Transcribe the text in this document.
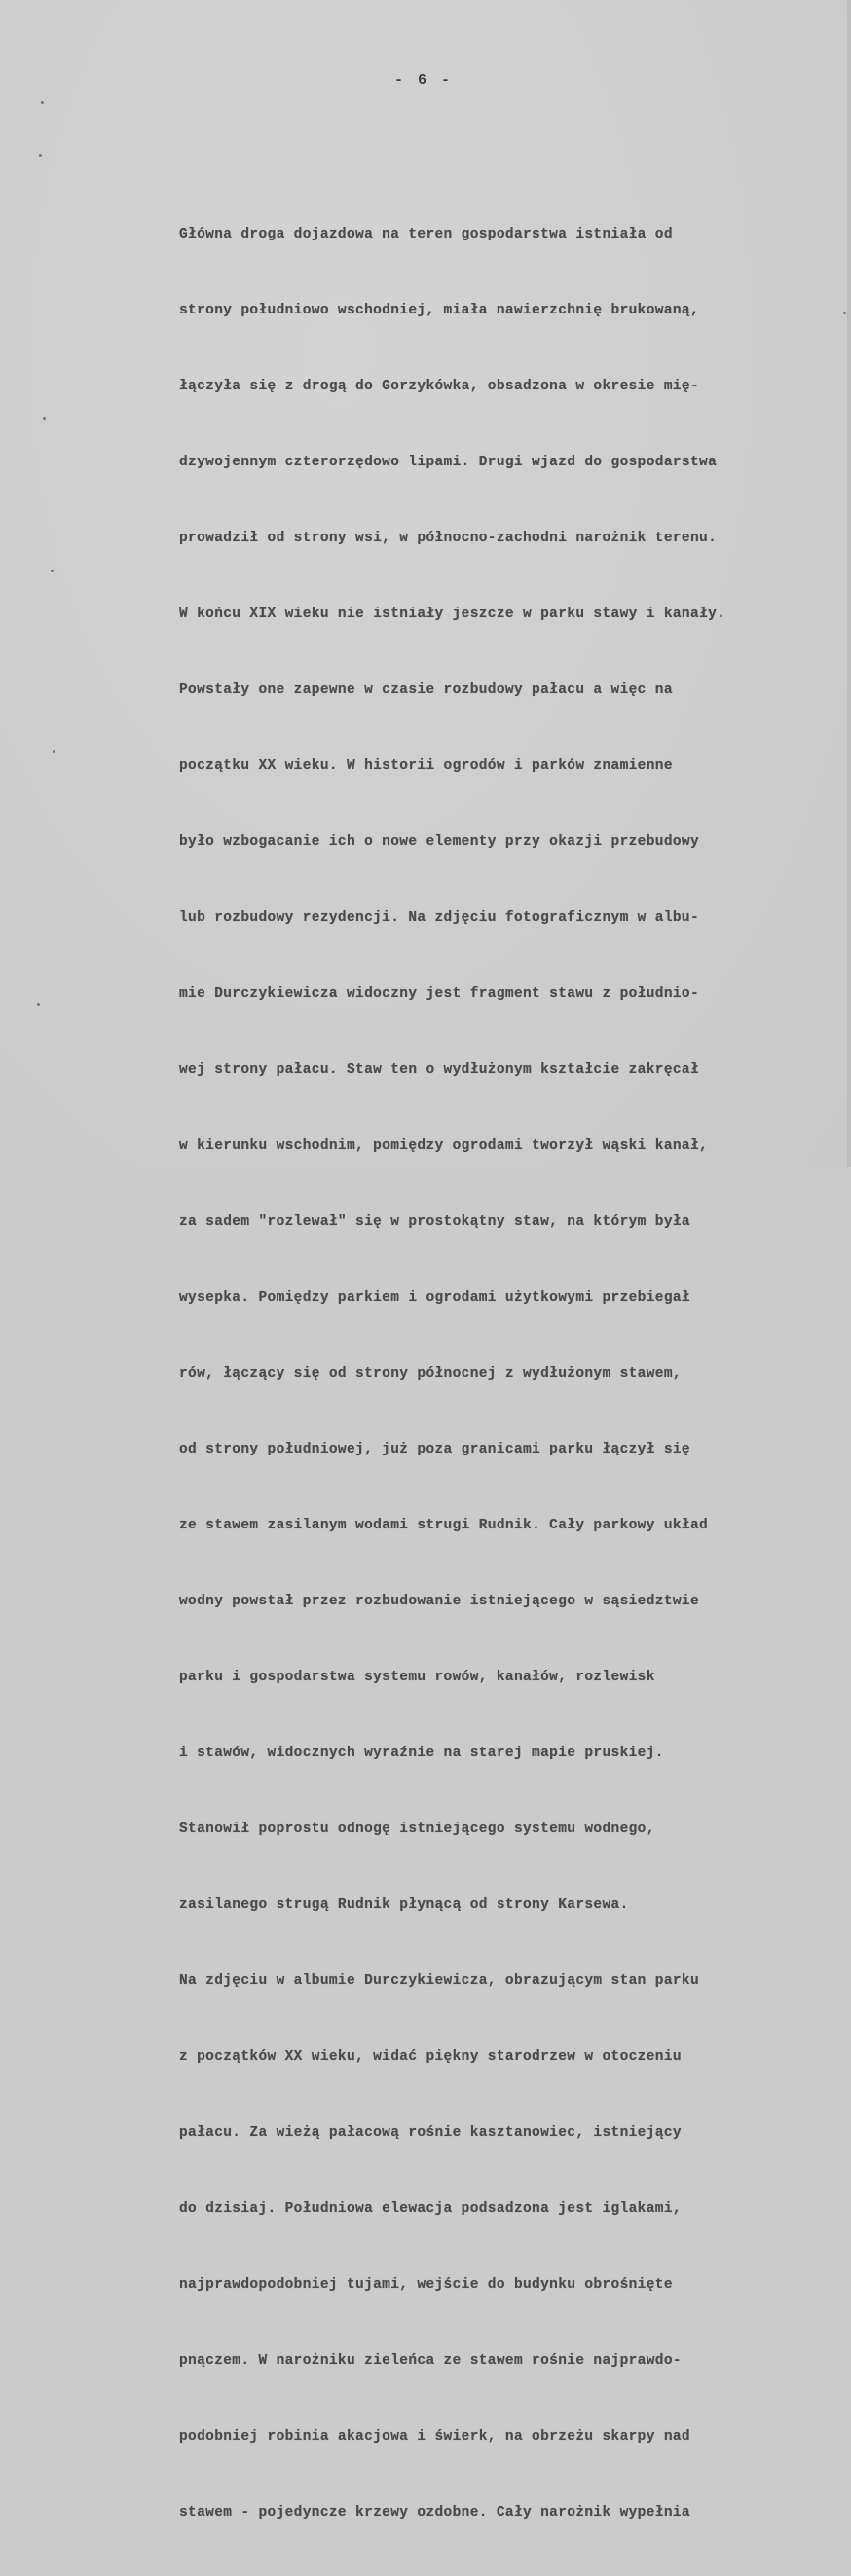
- 6 -

Główna droga dojazdowa na teren gospodarstwa istniała od

strony południowo wschodniej, miała nawierzchnię brukowaną,

łączyła się z drogą do Gorzykówka, obsadzona w okresie mię-

dzywojennym czterorzędowo lipami. Drugi wjazd do gospodarstwa

prowadził od strony wsi, w północno-zachodni narożnik terenu.

W końcu XIX wieku nie istniały jeszcze w parku stawy i kanały.

Powstały one zapewne w czasie rozbudowy pałacu a więc na

początku XX wieku. W historii ogrodów i parków znamienne

było wzbogacanie ich o nowe elementy przy okazji przebudowy

lub rozbudowy rezydencji. Na zdjęciu fotograficznym w albu-

mie Durczykiewicza widoczny jest fragment stawu z południo-

wej strony pałacu. Staw ten o wydłużonym kształcie zakręcał

w kierunku wschodnim, pomiędzy ogrodami tworzył wąski kanał,

za sadem "rozlewał" się w prostokątny staw, na którym była

wysepka. Pomiędzy parkiem i ogrodami użytkowymi przebiegał

rów, łączący się od strony północnej z wydłużonym stawem,

od strony południowej, już poza granicami parku łączył się

ze stawem zasilanym wodami strugi Rudnik. Cały parkowy układ

wodny powstał przez rozbudowanie istniejącego w sąsiedztwie

parku i gospodarstwa systemu rowów, kanałów, rozlewisk

i stawów, widocznych wyraźnie na starej mapie pruskiej.

Stanowił poprostu odnogę istniejącego systemu wodnego,

zasilanego strugą Rudnik płynącą od strony Karsewa.

Na zdjęciu w albumie Durczykiewicza, obrazującym stan parku

z początków XX wieku, widać piękny starodrzew w otoczeniu

pałacu. Za wieżą pałacową rośnie kasztanowiec, istniejący

do dzisiaj. Południowa elewacja podsadzona jest iglakami,

najprawdopodobniej tujami, wejście do budynku obrośnięte

pnączem. W narożniku zieleńca ze stawem rośnie najprawdo-

podobniej robinia akacjowa i świerk, na obrzeżu skarpy nad

stawem - pojedyncze krzewy ozdobne. Cały narożnik wypełnia
